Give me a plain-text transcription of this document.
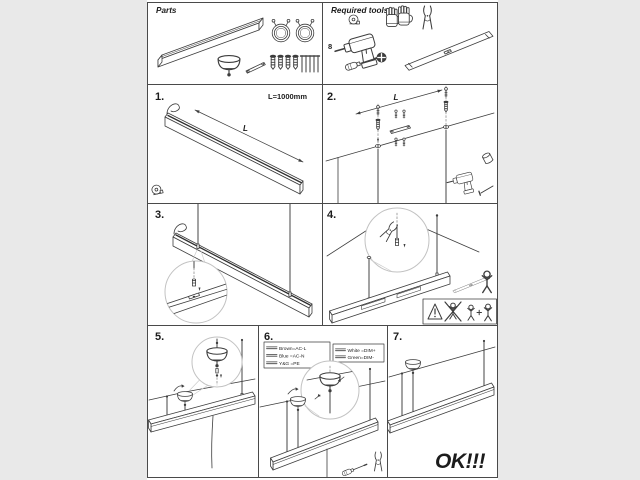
Parts	Required tools
8
1.	L=1000mm
L
2.	L
3.	4.
5.	6.
Brown=AC-L
Blue =AC-N
Y&G =PE
White =DIM+
Green=DIM-
7.
OK!!!
